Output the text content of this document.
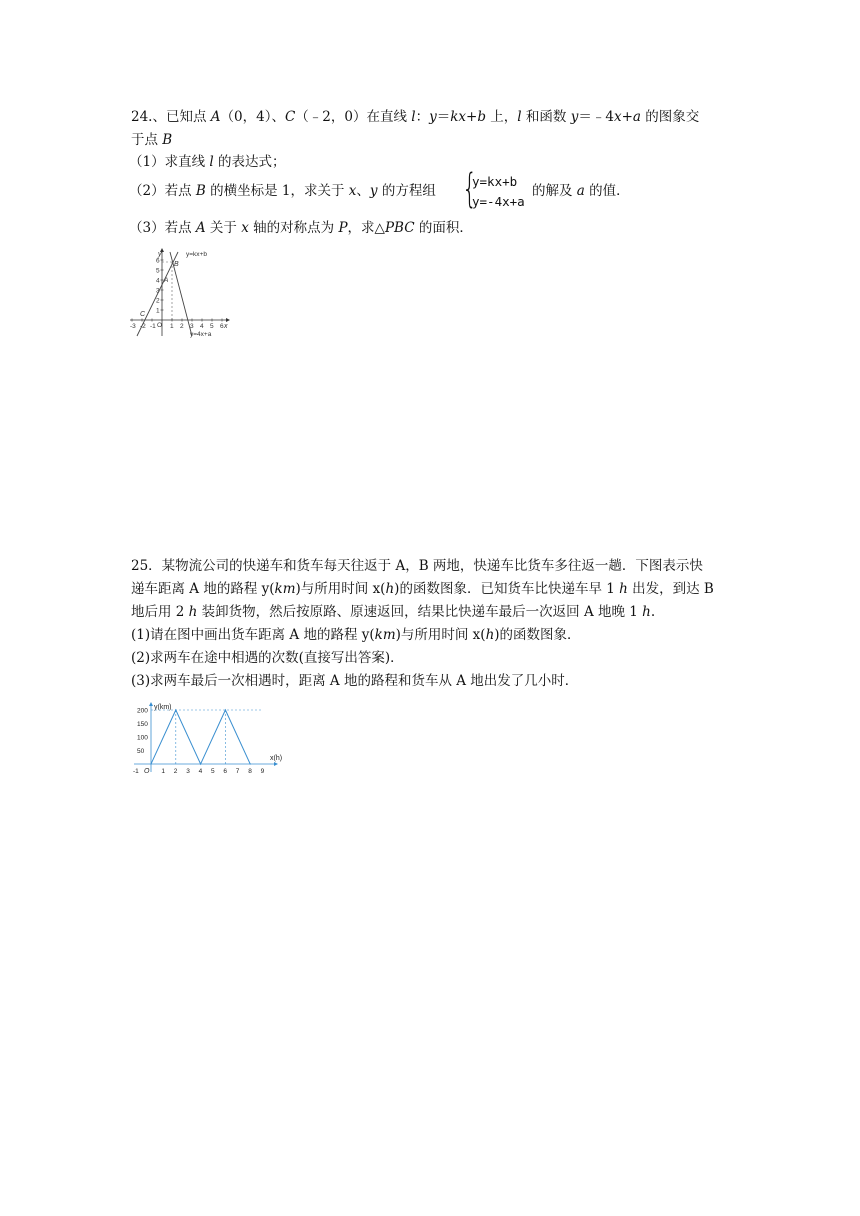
24.、已知点 A（0，4）、C（﹣2，0）在直线 l：y＝kx+b 上，l 和函数 y＝﹣4x+a 的图象交
于点 B
（1）求直线 l 的表达式；
（2）若点 B 的横坐标是 1，求关于 x、y 的方程组 {
y=kx+b
y=-4x+a
的解及 a 的值．
（3）若点 A 关于 x 轴的对称点为 P，求△PBC 的面积．
y=kx+b
y=4x+a
y
x
O
A
B
C
-3 -2 -1 1 2 3 4 5 6
1
2
3
4
5
6
25．某物流公司的快递车和货车每天往返于 A，B 两地，快递车比货车多往返一趟．下图表示快
递车距离 A 地的路程 y(km)与所用时间 x(h)的函数图象．已知货车比快递车早 1 h 出发，到达 B
地后用 2 h 装卸货物，然后按原路、原速返回，结果比快递车最后一次返回 A 地晚 1 h.
(1)请在图中画出货车距离 A 地的路程 y(km)与所用时间 x(h)的函数图象．
(2)求两车在途中相遇的次数(直接写出答案)．
(3)求两车最后一次相遇时，距离 A 地的路程和货车从 A 地出发了几小时．
y(km)
x(h)
O
-1	1 2 3 4 5 6 7 8 9
50
100
150
200
